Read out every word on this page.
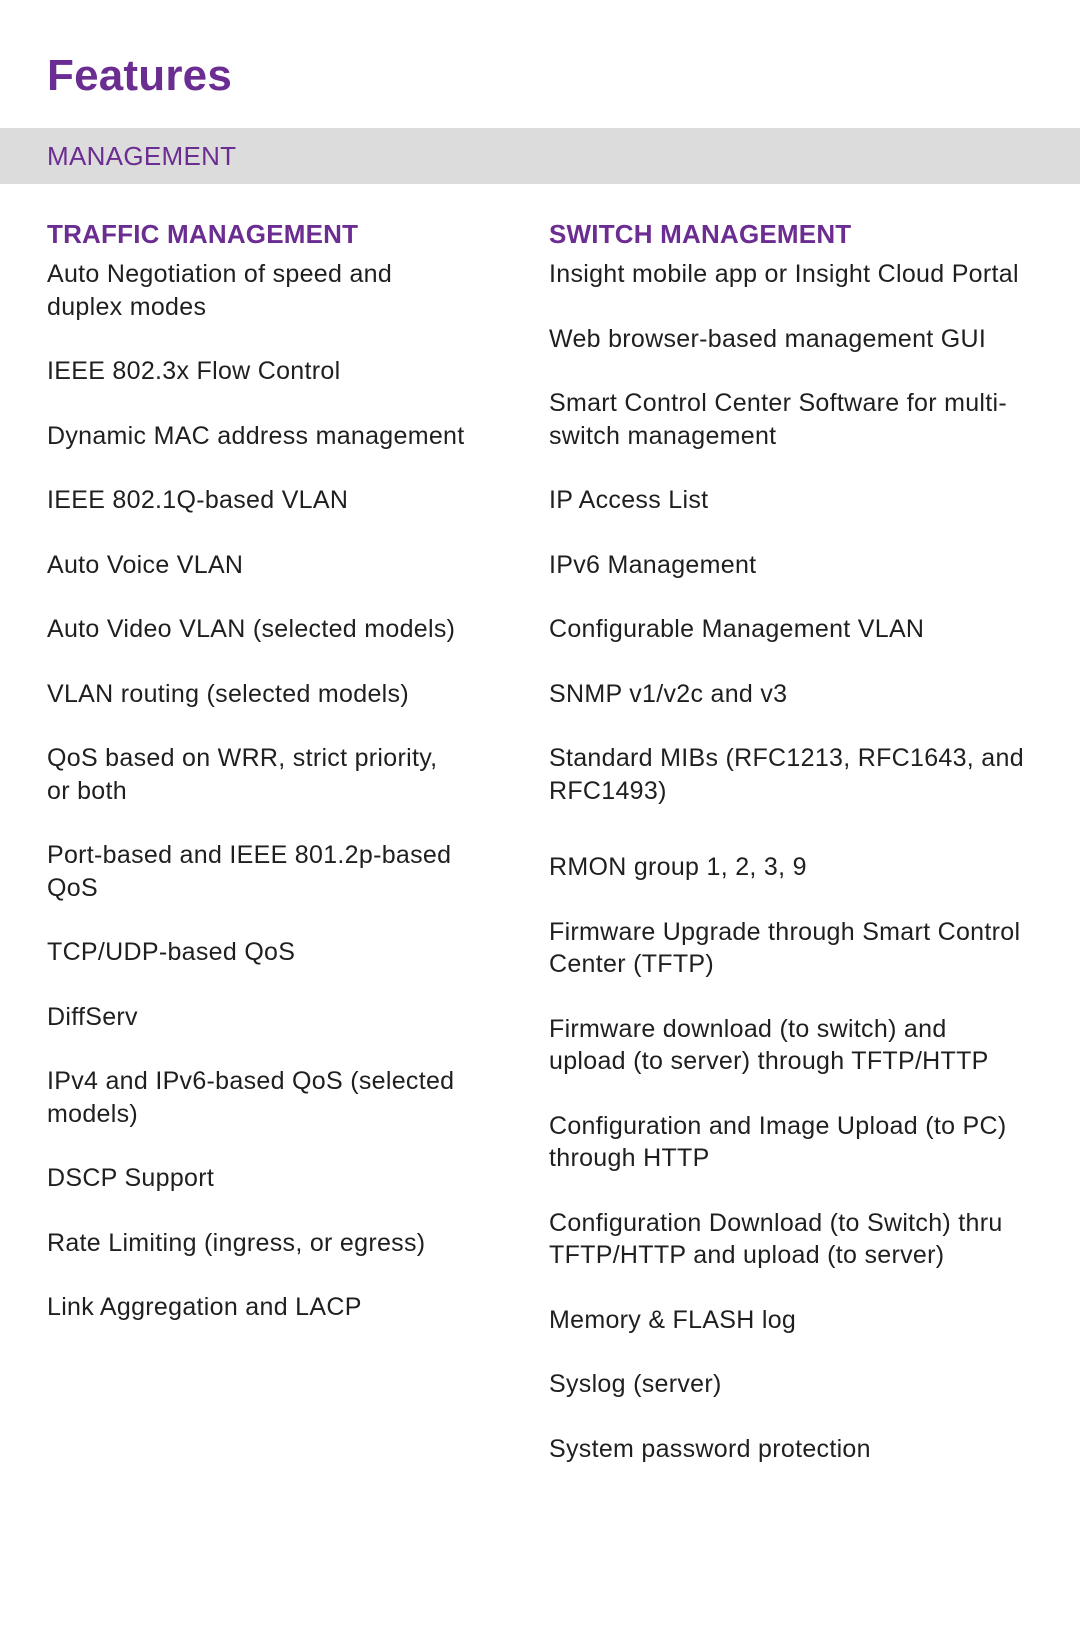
Features
MANAGEMENT
TRAFFIC MANAGEMENT
Auto Negotiation of speed and duplex modes
IEEE 802.3x Flow Control
Dynamic MAC address management
IEEE 802.1Q-based VLAN
Auto Voice VLAN
Auto Video VLAN (selected models)
VLAN routing (selected models)
QoS based on WRR, strict priority, or both
Port-based and IEEE 801.2p-based QoS
TCP/UDP-based QoS
DiffServ
IPv4 and IPv6-based QoS (selected models)
DSCP Support
Rate Limiting (ingress, or egress)
Link Aggregation and LACP
SWITCH MANAGEMENT
Insight mobile app or Insight Cloud Portal
Web browser-based management GUI
Smart Control Center Software for multi-switch management
IP Access List
IPv6 Management
Configurable Management VLAN
SNMP v1/v2c and v3
Standard MIBs (RFC1213, RFC1643, and RFC1493)
RMON group 1, 2, 3, 9
Firmware Upgrade through Smart Control Center (TFTP)
Firmware download (to switch) and upload (to server) through TFTP/HTTP
Configuration and Image Upload (to PC) through HTTP
Configuration Download (to Switch) thru TFTP/HTTP and upload (to server)
Memory & FLASH log
Syslog (server)
System password protection
